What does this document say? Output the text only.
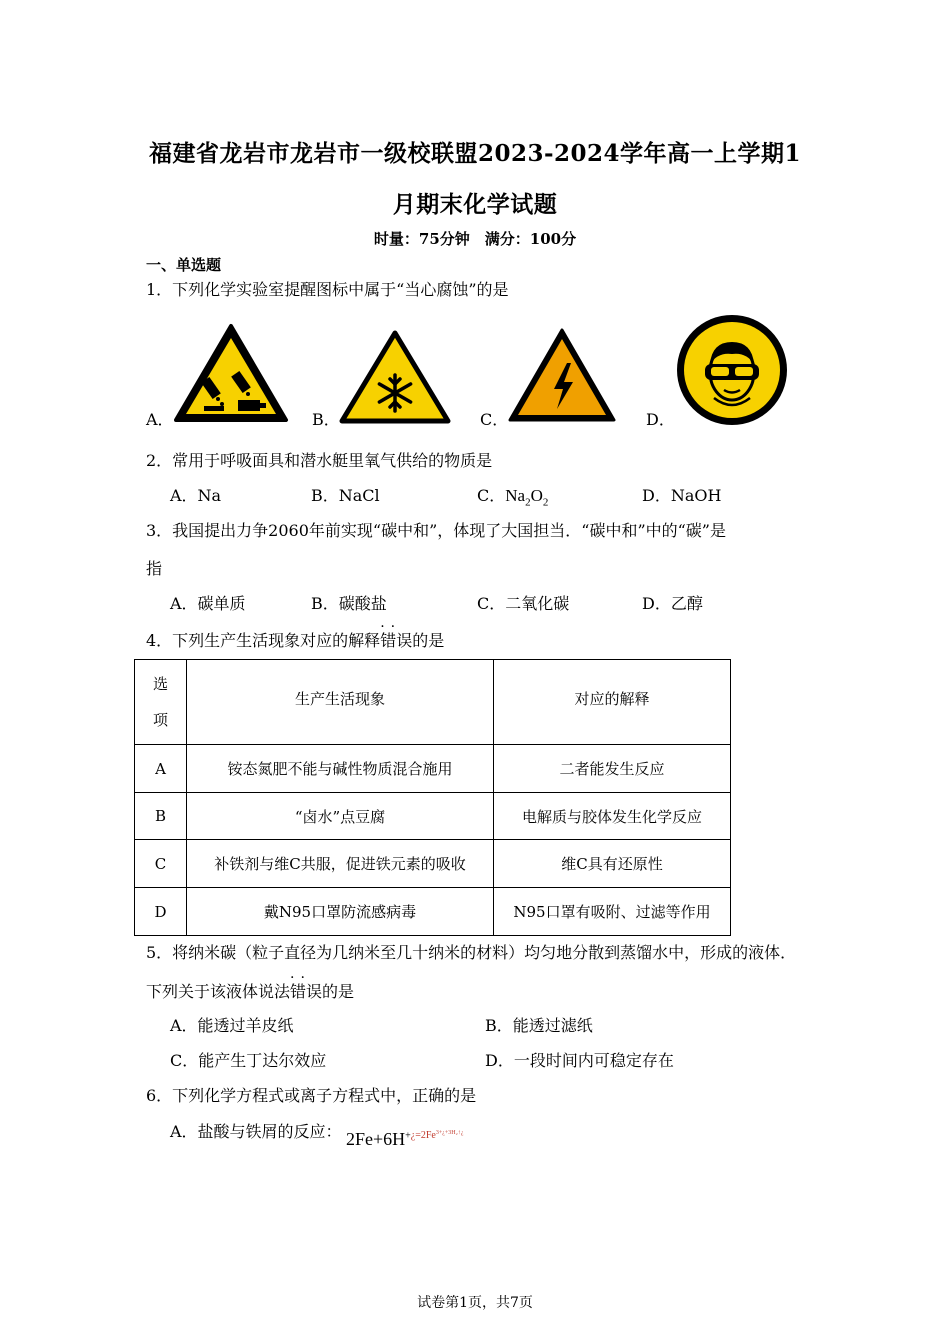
福建省龙岩市龙岩市一级校联盟2023-2024学年高一上学期1
月期末化学试题
时量：75分钟　满分：100分
一、单选题
1．下列化学实验室提醒图标中属于“当心腐蚀”的是
A．	B．	C．	D．
2．常用于呼吸面具和潜水艇里氧气供给的物质是
A．Na	B．NaCl	C．$Na_2O_2$	D．NaOH
3．我国提出力争2060年前实现“碳中和”，体现了大国担当．“碳中和”中的“碳”是
指
A．碳单质	B．碳酸盐	C．二氧化碳	D．乙醇
4．下列生产生活现象对应的解释
..
错误的是
选
项	生产生活现象	对应的解释
A	铵态氮肥不能与碱性物质混合施用	二者能发生反应
B	“卤水”点豆腐	电解质与胶体发生化学反应
C	补铁剂与维C共服，促进铁元素的吸收	维C具有还原性
D	戴N95口罩防流感病毒	N95口罩有吸附、过滤等作用
5．将纳米碳（粒子直径为几纳米至几十纳米的材料）均匀地分散到蒸馏水中，形成的液体．
下列关于该液体说法
..
错误的是
A．能透过羊皮纸	B．能透过滤纸
C．能产生丁达尔效应	D．一段时间内可稳定存在
6．下列化学方程式或离子方程式中，正确的是
A．盐酸与铁屑的反应： $2Fe+6H^{+¿=2Fe3+¿+3H_2↑¿}$
试卷第1页，共7页
